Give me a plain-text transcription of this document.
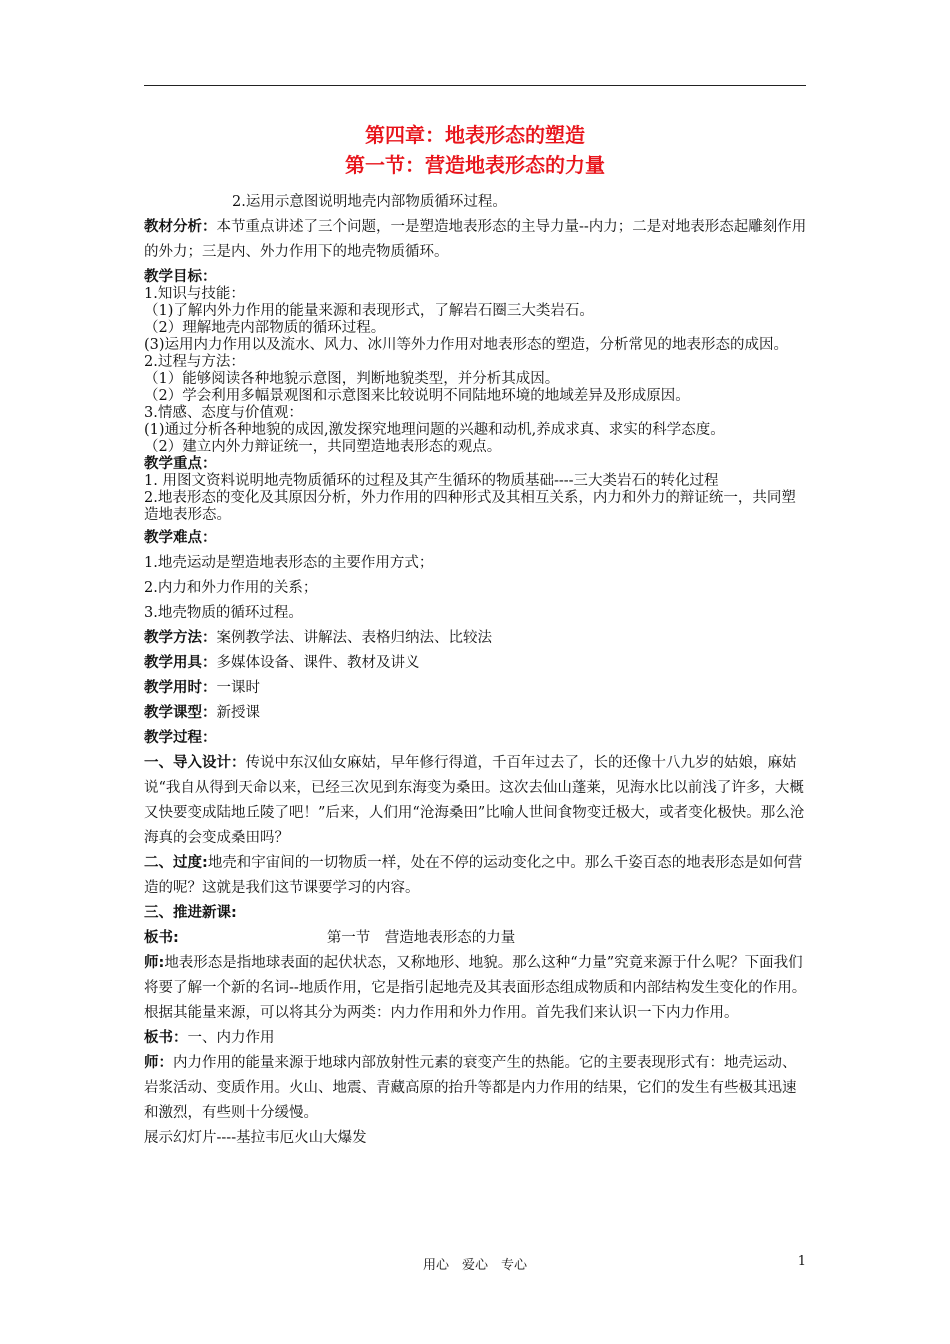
第四章：地表形态的塑造
第一节：营造地表形态的力量

2.运用示意图说明地壳内部物质循环过程。

教材分析：本节重点讲述了三个问题，一是塑造地表形态的主导力量--内力；二是对地表形态起雕刻作用的外力；三是内、外力作用下的地壳物质循环。

教学目标：
1.知识与技能：
（1)了解内外力作用的能量来源和表现形式，了解岩石圈三大类岩石。
（2）理解地壳内部物质的循环过程。
(3)运用内力作用以及流水、风力、冰川等外力作用对地表形态的塑造，分析常见的地表形态的成因。
2.过程与方法：
（1）能够阅读各种地貌示意图，判断地貌类型，并分析其成因。
（2）学会利用多幅景观图和示意图来比较说明不同陆地环境的地域差异及形成原因。
3.情感、态度与价值观：
(1)通过分析各种地貌的成因,激发探究地理问题的兴趣和动机,养成求真、求实的科学态度。
（2）建立内外力辩证统一，共同塑造地表形态的观点。
教学重点：
1. 用图文资料说明地壳物质循环的过程及其产生循环的物质基础----三大类岩石的转化过程
2.地表形态的变化及其原因分析，外力作用的四种形式及其相互关系，内力和外力的辩证统一，共同塑造地表形态。
教学难点：
1.地壳运动是塑造地表形态的主要作用方式；
2.内力和外力作用的关系；
3.地壳物质的循环过程。
教学方法：案例教学法、讲解法、表格归纳法、比较法
教学用具：多媒体设备、课件、教材及讲义
教学用时：一课时
教学课型：新授课
教学过程：

一、导入设计：传说中东汉仙女麻姑，早年修行得道，千百年过去了，长的还像十八九岁的姑娘，麻姑说“我自从得到天命以来，已经三次见到东海变为桑田。这次去仙山蓬莱，见海水比以前浅了许多，大概又快要变成陆地丘陵了吧！”后来，人们用“沧海桑田”比喻人世间食物变迁极大，或者变化极快。那么沧海真的会变成桑田吗？

二、过度:地壳和宇宙间的一切物质一样，处在不停的运动变化之中。那么千姿百态的地表形态是如何营造的呢？这就是我们这节课要学习的内容。

三、推进新课:
板书:	第一节　营造地表形态的力量

师:地表形态是指地球表面的起伏状态，又称地形、地貌。那么这种“力量”究竟来源于什么呢？下面我们将要了解一个新的名词--地质作用，它是指引起地壳及其表面形态组成物质和内部结构发生变化的作用。根据其能量来源，可以将其分为两类：内力作用和外力作用。首先我们来认识一下内力作用。

板书：一、内力作用

师：内力作用的能量来源于地球内部放射性元素的衰变产生的热能。它的主要表现形式有：地壳运动、岩浆活动、变质作用。火山、地震、青藏高原的抬升等都是内力作用的结果，它们的发生有些极其迅速和激烈，有些则十分缓慢。

展示幻灯片----基拉韦厄火山大爆发
用心　爱心　专心	1
